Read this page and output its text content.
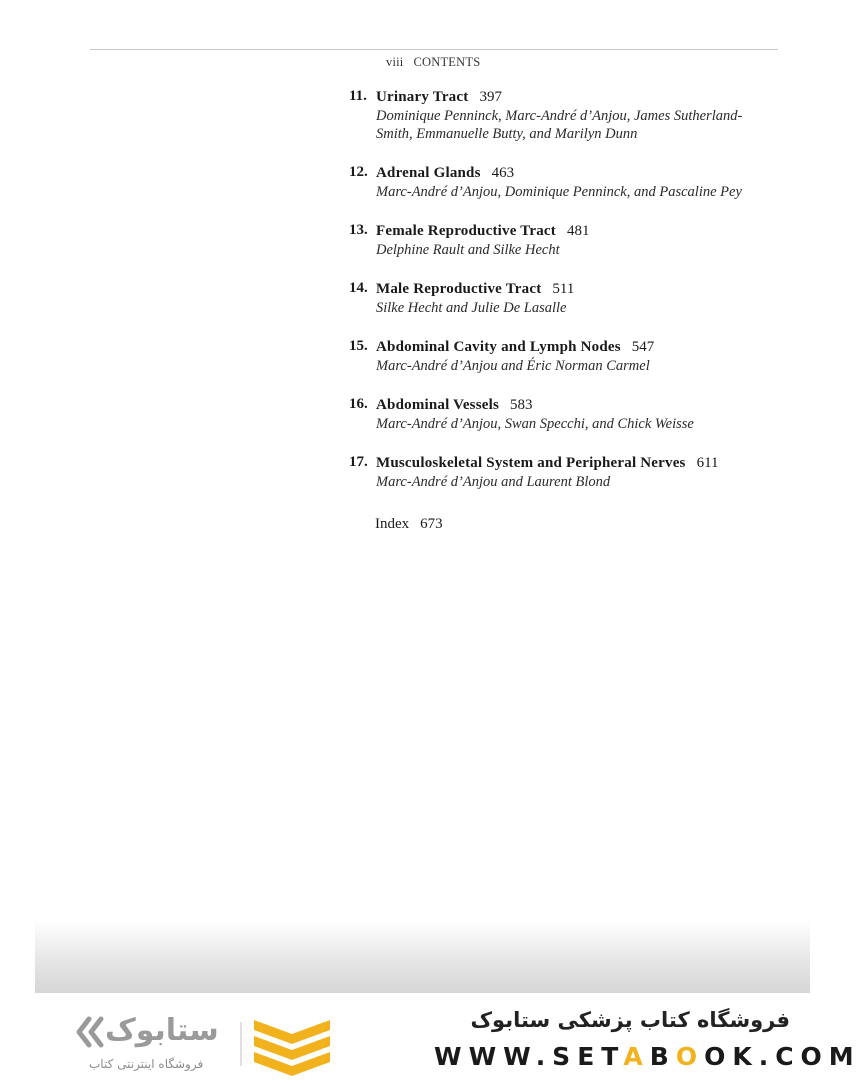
viii CONTENTS
11. Urinary Tract 397
Dominique Penninck, Marc-André d’Anjou, James Sutherland-
Smith, Emmanuelle Butty, and Marilyn Dunn
12. Adrenal Glands 463
Marc-André d’Anjou, Dominique Penninck, and Pascaline Pey
13. Female Reproductive Tract 481
Delphine Rault and Silke Hecht
14. Male Reproductive Tract 511
Silke Hecht and Julie De Lasalle
15. Abdominal Cavity and Lymph Nodes 547
Marc-André d’Anjou and Éric Norman Carmel
16. Abdominal Vessels 583
Marc-André d’Anjou, Swan Specchi, and Chick Weisse
17. Musculoskeletal System and Peripheral Nerves 611
Marc-André d’Anjou and Laurent Blond
Index 673
ستابوک
فروشگاه اینترنتی کتاب
فروشگاه کتاب پزشکی ستابوک
WWW.SETABOOK.COM
